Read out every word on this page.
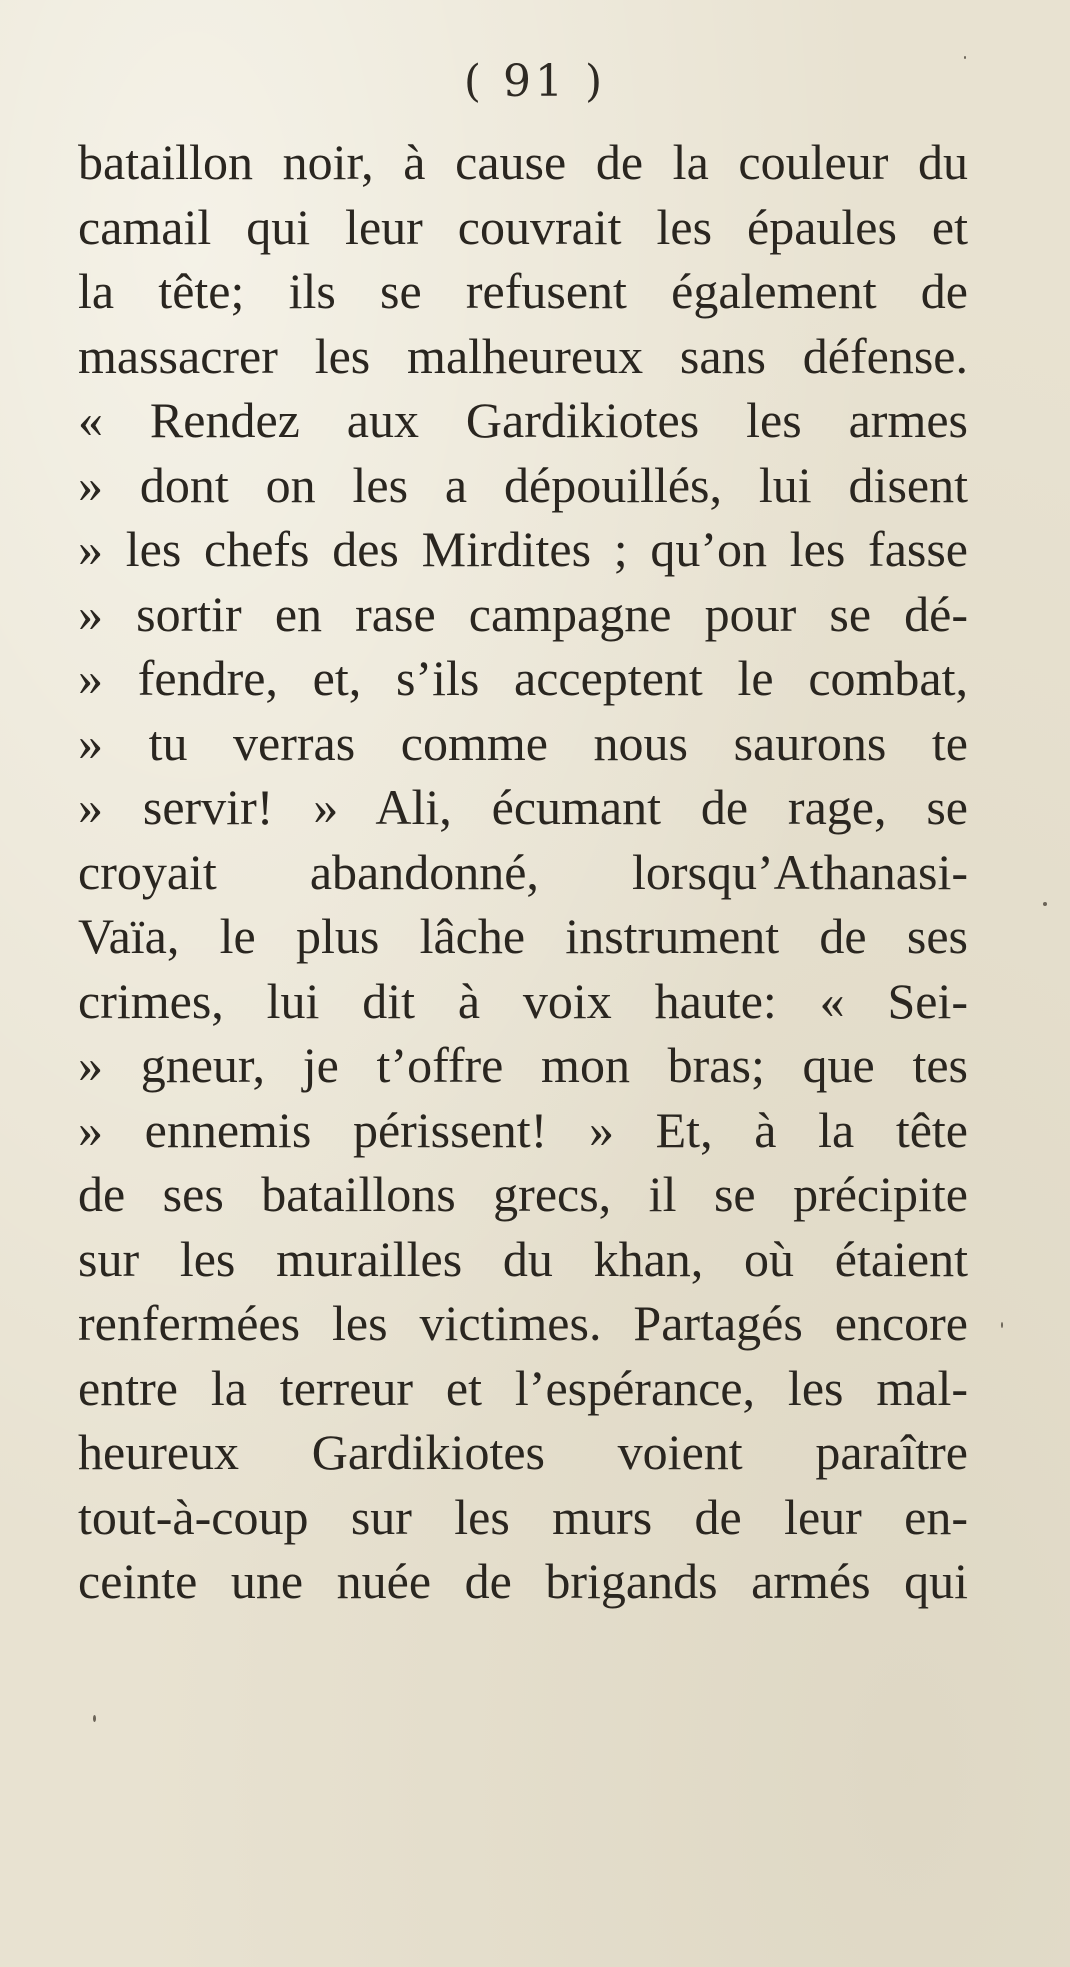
( 91 )
bataillon noir, à cause de la couleur du
camail qui leur couvrait les épaules et
la tête; ils se refusent également de
massacrer les malheureux sans défense.
« Rendez aux Gardikiotes les armes
» dont on les a dépouillés, lui disent
» les chefs des Mirdites ; qu’on les fasse
» sortir en rase campagne pour se dé-
» fendre, et, s’ils acceptent le combat,
» tu verras comme nous saurons te
» servir! » Ali, écumant de rage, se
croyait abandonné, lorsqu’Athanasi-
Vaïa, le plus lâche instrument de ses
crimes, lui dit à voix haute: « Sei-
» gneur, je t’offre mon bras; que tes
» ennemis périssent! » Et, à la tête
de ses bataillons grecs, il se précipite
sur les murailles du khan, où étaient
renfermées les victimes. Partagés encore
entre la terreur et l’espérance, les mal-
heureux Gardikiotes voient paraître
tout-à-coup sur les murs de leur en-
ceinte une nuée de brigands armés qui
